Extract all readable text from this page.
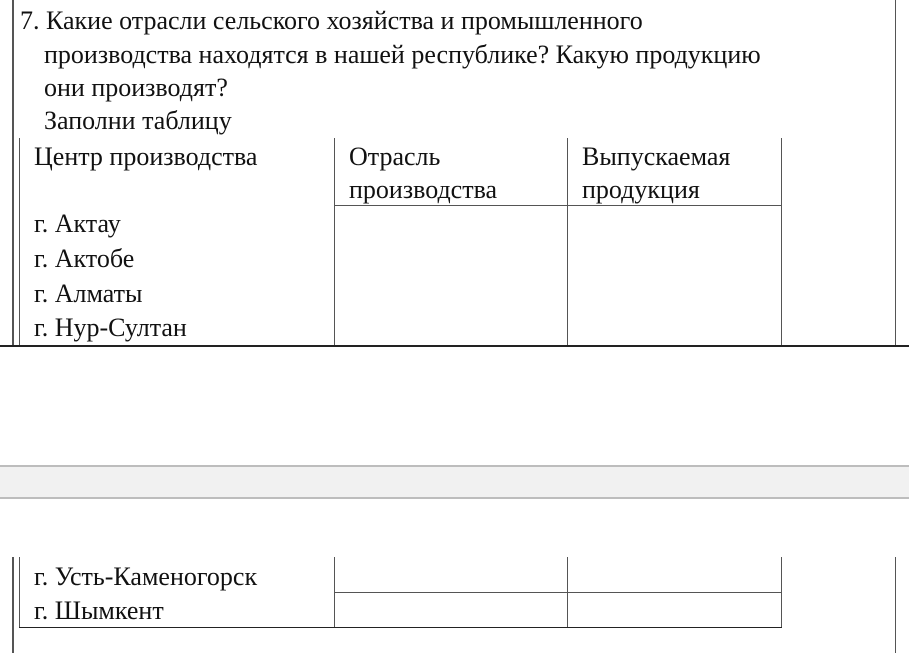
7. Какие отрасли сельского хозяйства и промышленного
производства находятся в нашей республике? Какую продукцию
они производят?
Заполни таблицу
Центр производства	Отрасль
производства
Выпускаемая
продукция
г. Актау
г. Актобе
г. Алматы
г. Нур-Султан
г. Усть-Каменогорск
г. Шымкент
